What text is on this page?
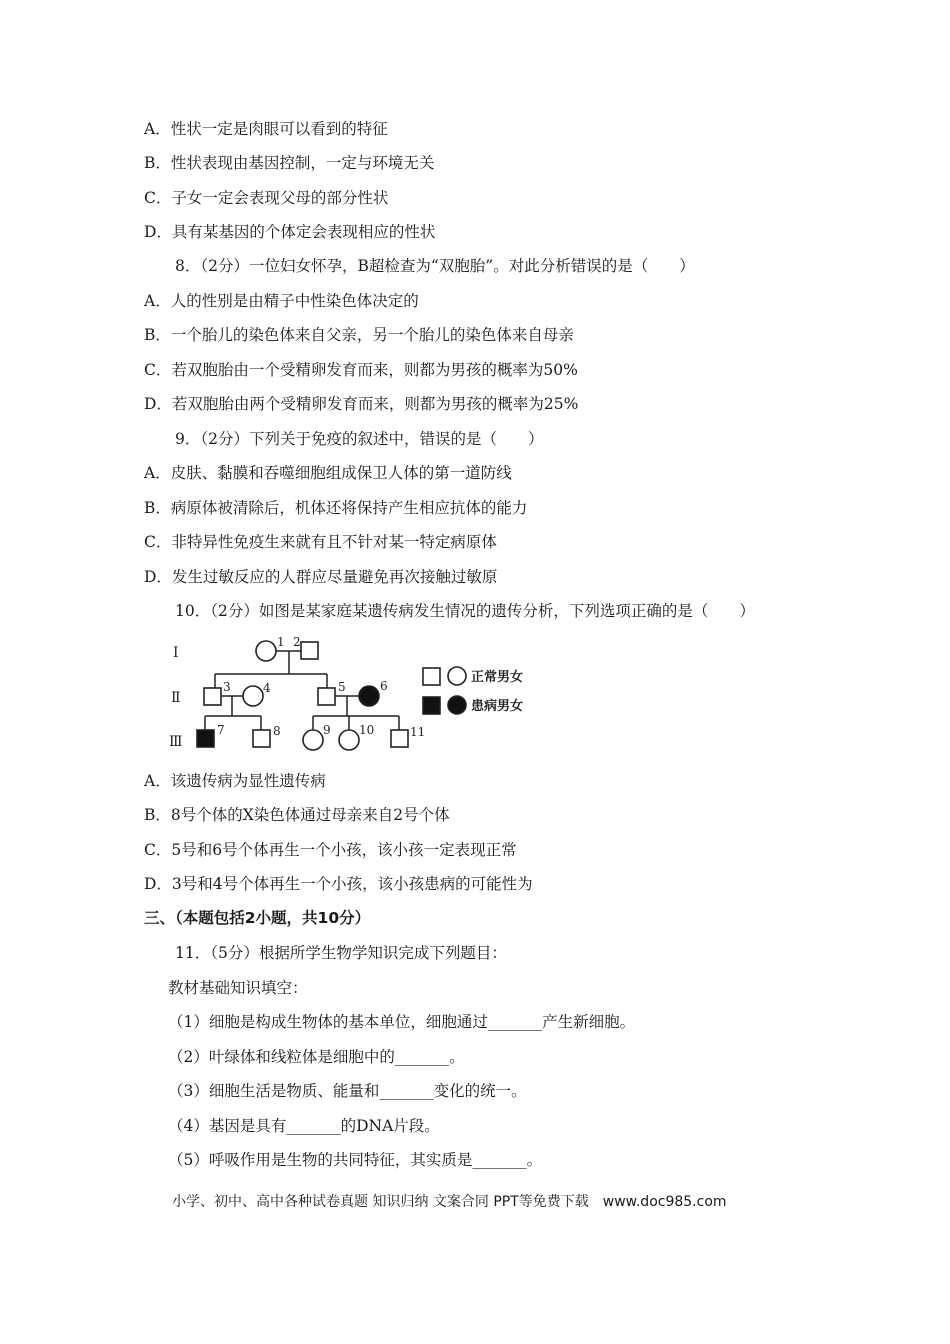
A．性状一定是肉眼可以看到的特征
B．性状表现由基因控制，一定与环境无关
C．子女一定会表现父母的部分性状
D．具有某基因的个体定会表现相应的性状
8．（2分）一位妇女怀孕，B超检查为“双胞胎”。对此分析错误的是（　　）
A．人的性别是由精子中性染色体决定的
B．一个胎儿的染色体来自父亲，另一个胎儿的染色体来自母亲
C．若双胞胎由一个受精卵发育而来，则都为男孩的概率为50%
D．若双胞胎由两个受精卵发育而来，则都为男孩的概率为25%
9．（2分）下列关于免疫的叙述中，错误的是（　　）
A．皮肤、黏膜和吞噬细胞组成保卫人体的第一道防线
B．病原体被清除后，机体还将保持产生相应抗体的能力
C．非特异性免疫生来就有且不针对某一特定病原体
D．发生过敏反应的人群应尽量避免再次接触过敏原
10．（2分）如图是某家庭某遗传病发生情况的遗传分析，下列选项正确的是（　　）
Ⅰ
Ⅱ
Ⅲ
1 2
3	4	5	6
7	8	9 10	11
正常男女
患病男女
A．该遗传病为显性遗传病
B．8号个体的X染色体通过母亲来自2号个体
C．5号和6号个体再生一个小孩，该小孩一定表现正常
D．3号和4号个体再生一个小孩，该小孩患病的可能性为
三、（本题包括2小题，共10分）
11．（5分）根据所学生物学知识完成下列题目：
教材基础知识填空：
（1）细胞是构成生物体的基本单位，细胞通过_______产生新细胞。
（2）叶绿体和线粒体是细胞中的_______。
（3）细胞生活是物质、能量和_______变化的统一。
（4）基因是具有_______的DNA片段。
（5）呼吸作用是生物的共同特征，其实质是_______。
小学、初中、高中各种试卷真题 知识归纳 文案合同 PPT等免费下载　www.doc985.com
